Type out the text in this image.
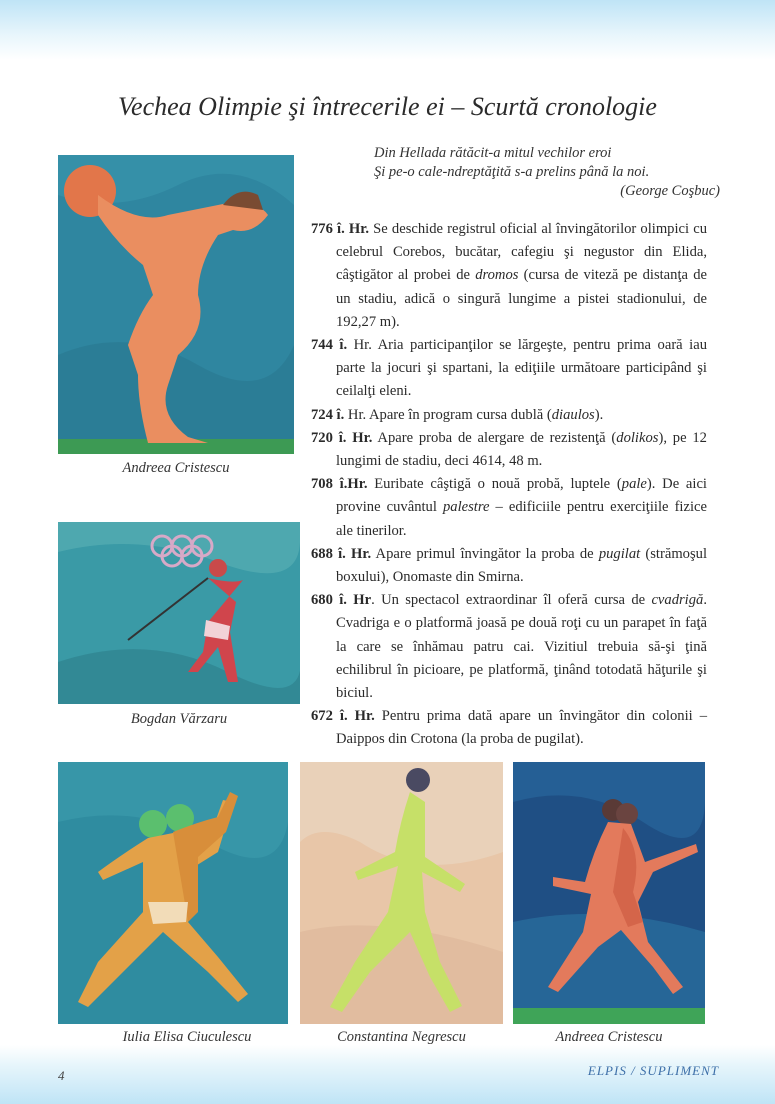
Vechea Olimpie şi întrecerile ei – Scurtă cronologie
Din Hellada rătăcit-a mitul vechilor eroi
Şi pe-o cale-ndreptăţită s-a prelins până la noi.
(George Coşbuc)
Andreea Cristescu
Bogdan Vărzaru

776 î. Hr. Se deschide registrul oficial al învingătorilor olimpici cu celebrul Corebos, bucătar, cafegiu şi negustor din Elida, câştigător al probei de dromos (cursa de viteză pe distanţa de un stadiu, adică o singură lungime a pistei stadionului, de 192,27 m).

744 î. Hr. Aria participanţilor se lărgeşte, pentru prima oară iau parte la jocuri şi spartani, la ediţiile următoare participând şi ceilalţi eleni.

724 î. Hr. Apare în program cursa dublă (diaulos).

720 î. Hr. Apare proba de alergare de rezistenţă (dolikos), pe 12 lungimi de stadiu, deci 4614, 48 m.

708 î.Hr. Euribate câştigă o nouă probă, luptele (pale). De aici provine cuvântul palestre – edificiile pentru exerciţiile fizice ale tinerilor.

688 î. Hr. Apare primul învingător la proba de pugilat (strămoşul boxului), Onomaste din Smirna.

680 î. Hr. Un spectacol extraordinar îl oferă cursa de cvadrigă. Cvadriga e o platformă joasă pe două roţi cu un parapet în faţă la care se înhămau patru cai. Vizitiul trebuia să-şi ţină echilibrul în picioare, pe platformă, ţinând totodată hăţurile şi biciul.

672 î. Hr. Pentru prima dată apare un învingător din colonii – Daippos din Crotona (la proba de pugilat).

Iulia Elisa Ciuculescu	Constantina Negrescu	Andreea Cristescu
4	ELPIS / SUPLIMENT
